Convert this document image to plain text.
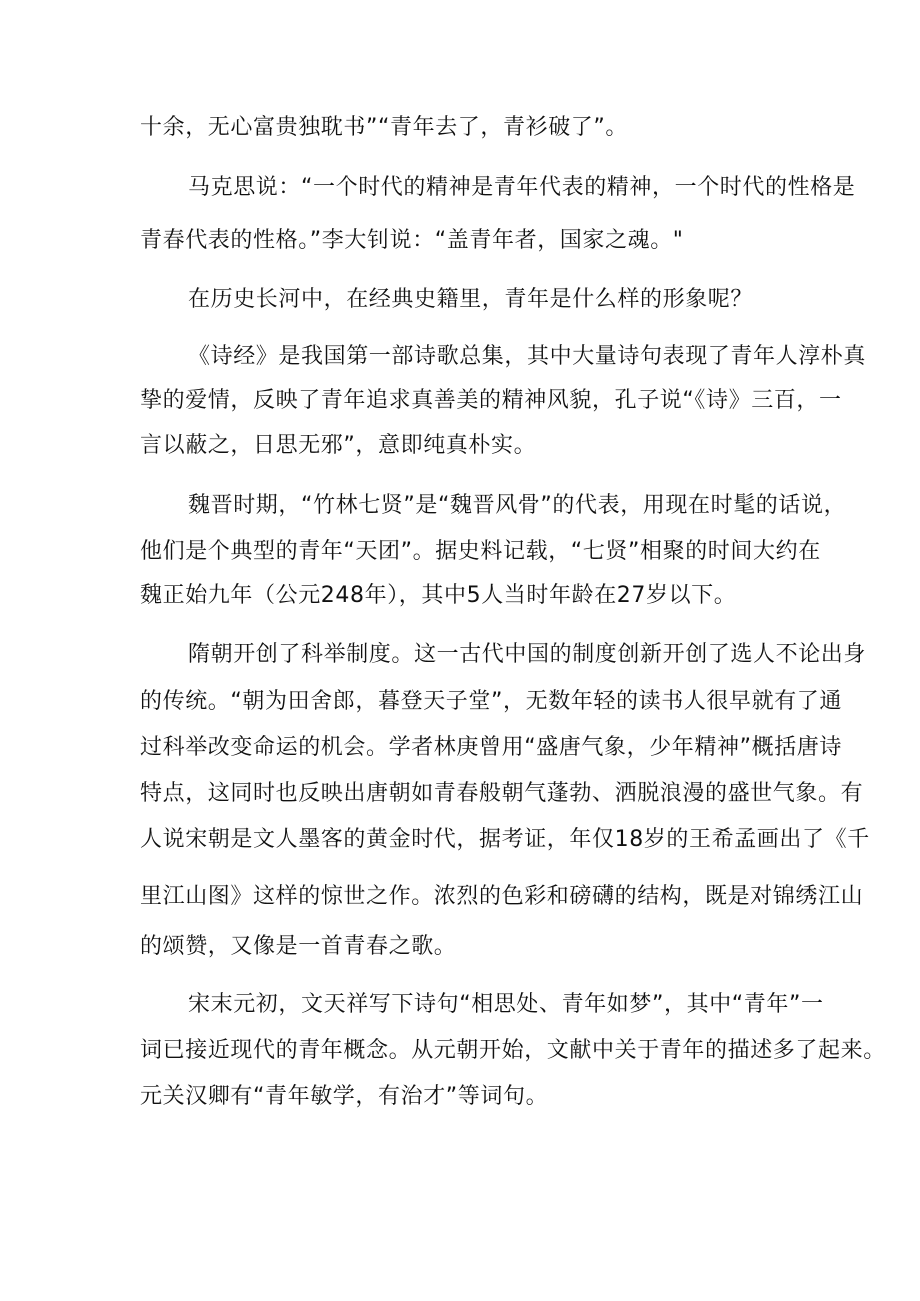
十余，无心富贵独耽书”“青年去了，青衫破了”。
马克思说：“一个时代的精神是青年代表的精神，一个时代的性格是
青春代表的性格。”李大钊说：“盖青年者，国家之魂。"
在历史长河中，在经典史籍里，青年是什么样的形象呢？
《诗经》是我国第一部诗歌总集，其中大量诗句表现了青年人淳朴真
挚的爱情，反映了青年追求真善美的精神风貌，孔子说“《诗》三百，一
言以蔽之，日思无邪”，意即纯真朴实。
魏晋时期，“竹林七贤”是“魏晋风骨”的代表，用现在时髦的话说，
他们是个典型的青年“天团”。据史料记载，“七贤”相聚的时间大约在
魏正始九年（公元248年），其中5人当时年龄在27岁以下。
隋朝开创了科举制度。这一古代中国的制度创新开创了选人不论出身
的传统。“朝为田舍郎，暮登天子堂”，无数年轻的读书人很早就有了通
过科举改变命运的机会。学者林庚曾用“盛唐气象，少年精神”概括唐诗
特点，这同时也反映出唐朝如青春般朝气蓬勃、洒脱浪漫的盛世气象。有
人说宋朝是文人墨客的黄金时代，据考证，年仅18岁的王希孟画出了《千
里江山图》这样的惊世之作。浓烈的色彩和磅礴的结构，既是对锦绣江山
的颂赞，又像是一首青春之歌。
宋末元初，文天祥写下诗句“相思处、青年如梦”，其中“青年”一
词已接近现代的青年概念。从元朝开始，文献中关于青年的描述多了起来。
元关汉卿有“青年敏学，有治才”等词句。
